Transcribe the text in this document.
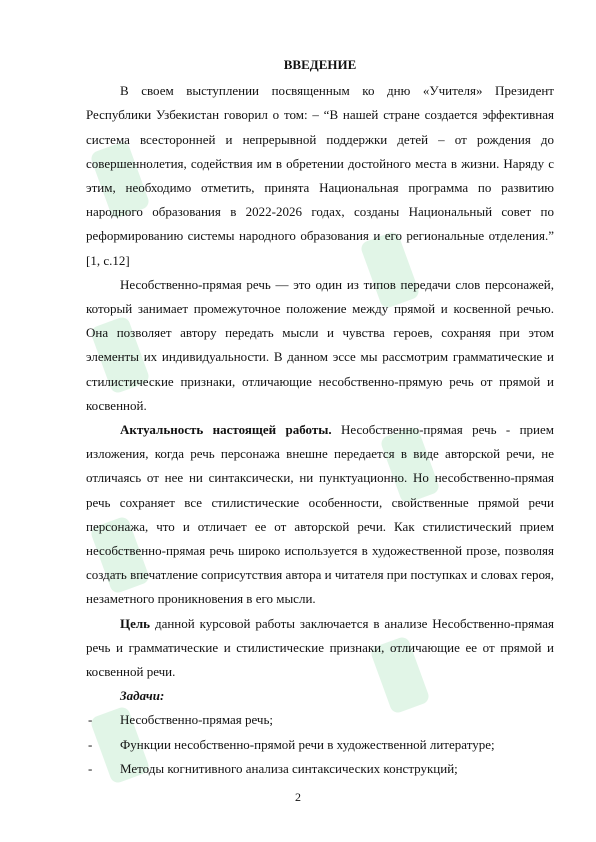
ВВЕДЕНИЕ

В своем выступлении посвященным ко дню «Учителя» Президент Республики Узбекистан говорил о том: – “В нашей стране создается эффективная система всесторонней и непрерывной поддержки детей – от рождения до совершеннолетия, содействия им в обретении достойного места в жизни. Наряду с этим, необходимо отметить, принята Национальная программа по развитию народного образования в 2022-2026 годах, созданы Национальный совет по реформированию системы народного образования и его региональные отделения.” [1, с.12]

Несобственно-прямая речь — это один из типов передачи слов персонажей, который занимает промежуточное положение между прямой и косвенной речью. Она позволяет автору передать мысли и чувства героев, сохраняя при этом элементы их индивидуальности. В данном эссе мы рассмотрим грамматические и стилистические признаки, отличающие несобственно-прямую речь от прямой и косвенной.

Актуальность настоящей работы. Несобственно-прямая речь - прием изложения, когда речь персонажа внешне передается в виде авторской речи, не отличаясь от нее ни синтаксически, ни пунктуационно. Но несобственно-прямая речь сохраняет все стилистические особенности, свойственные прямой речи персонажа, что и отличает ее от авторской речи. Как стилистический прием несобственно-прямая речь широко используется в художественной прозе, позволяя создать впечатление соприсутствия автора и читателя при поступках и словах героя, незаметного проникновения в его мысли.

Цель данной курсовой работы заключается в анализе Несобственно-прямая речь и грамматические и стилистические признаки, отличающие ее от прямой и косвенной речи.

Задачи:

- Несобственно-прямая речь;
- Функции несобственно-прямой речи в художественной литературе;
- Методы когнитивного анализа синтаксических конструкций;
2
